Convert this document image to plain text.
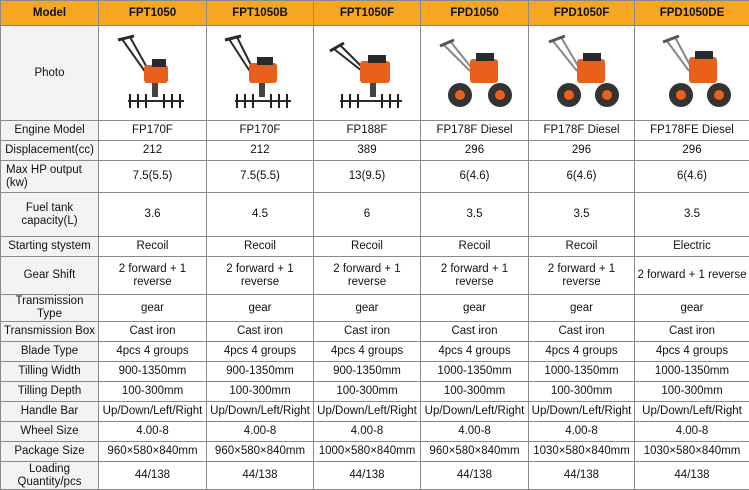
Model	FPT1050	FPT1050B	FPT1050F	FPD1050	FPD1050F	FPD1050DE
Photo	

Engine Model	FP170F	FP170F	FP188F	FP178F Diesel	FP178F Diesel	FP178FE Diesel
Displacement(cc)	212	212	389	296	296	296
Max HP output (kw)	7.5(5.5)	7.5(5.5)	13(9.5)	6(4.6)	6(4.6)	6(4.6)
Fuel tank capacity(L)	3.6	4.5	6	3.5	3.5	3.5
Starting stystem	Recoil	Recoil	Recoil	Recoil	Recoil	Electric
Gear Shift	2 forward + 1 reverse	2 forward + 1 reverse	2 forward + 1 reverse	2 forward + 1 reverse	2 forward + 1 reverse	2 forward + 1 reverse
Transmission Type	gear	gear	gear	gear	gear	gear
Transmission Box	Cast iron	Cast iron	Cast iron	Cast iron	Cast iron	Cast iron
Blade Type	4pcs 4 groups	4pcs 4 groups	4pcs 4 groups	4pcs 4 groups	4pcs 4 groups	4pcs 4 groups
Tilling Width	900-1350mm	900-1350mm	900-1350mm	1000-1350mm	1000-1350mm	1000-1350mm
Tilling Depth	100-300mm	100-300mm	100-300mm	100-300mm	100-300mm	100-300mm
Handle Bar	Up/Down/Left/Right	Up/Down/Left/Right	Up/Down/Left/Right	Up/Down/Left/Right	Up/Down/Left/Right	Up/Down/Left/Right
Wheel Size	4.00-8	4.00-8	4.00-8	4.00-8	4.00-8	4.00-8
Package Size	960×580×840mm	960×580×840mm	1000×580×840mm	960×580×840mm	1030×580×840mm	1030×580×840mm
Loading Quantity/pcs	44/138	44/138	44/138	44/138	44/138	44/138
